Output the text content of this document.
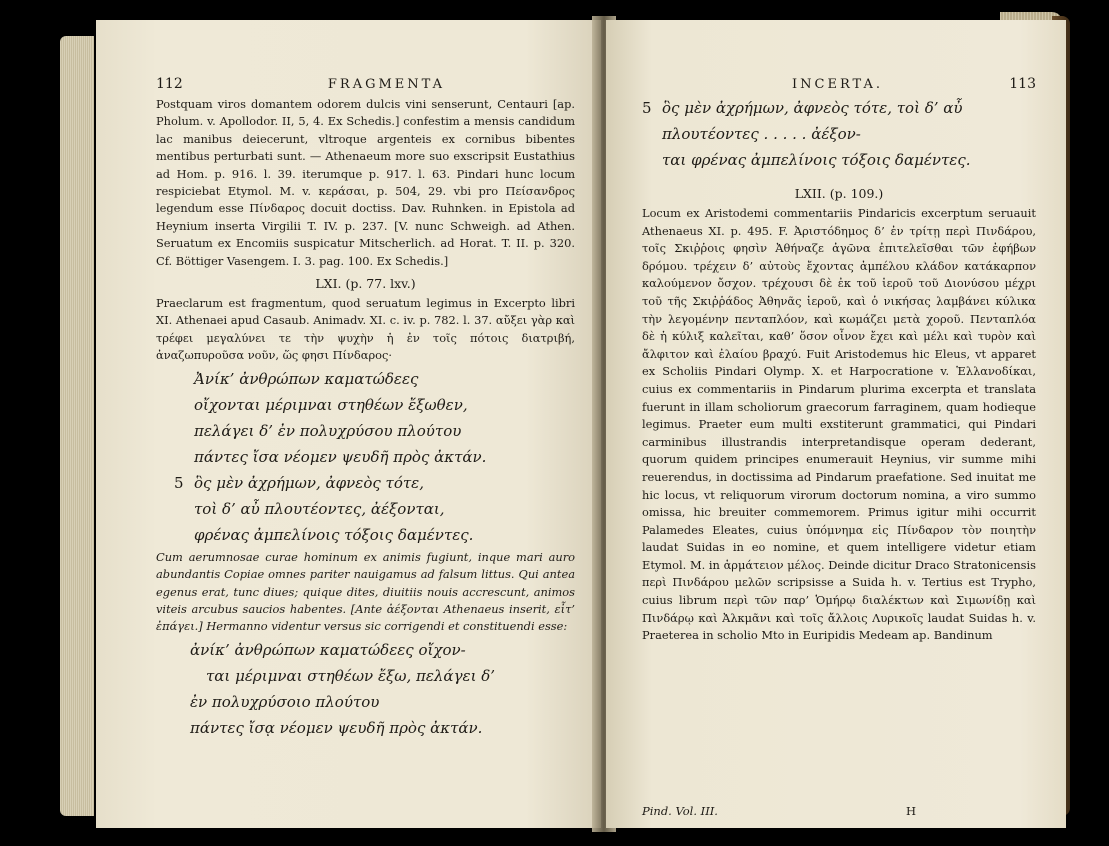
112	FRAGMENTA

Postquam viros domantem odorem dulcis vini senserunt, Centauri [ap. Pholum. v. Apollodor. II, 5, 4. Ex Schedis.] confestim a mensis candidum lac manibus deiecerunt, vltroque argenteis ex cornibus bibentes mentibus perturbati sunt. — Athenaeum more suo exscripsit Eustathius ad Hom. p. 916. l. 39. iterumque p. 917. l. 63. Pindari hunc locum respiciebat Etymol. M. v. κεράσαι, p. 504, 29. vbi pro Πείσανδρος legendum esse Πίνδαρος docuit doctiss. Dav. Ruhnken. in Epistola ad Heynium inserta Virgilii T. IV. p. 237. [V. nunc Schweigh. ad Athen. Seruatum ex Encomiis suspicatur Mitscherlich. ad Horat. T. II. p. 320. Cf. Böttiger Vasengem. I. 3. pag. 100. Ex Schedis.]

LXI. (p. 77. lxv.)

Praeclarum est fragmentum, quod seruatum legimus in Excerpto libri XI. Athenaei apud Casaub. Animadv. XI. c. iv. p. 782. l. 37. αὔξει γὰρ καὶ τρέφει μεγαλύνει τε τὴν ψυχὴν ἡ ἐν τοῖς πότοις διατριβή, ἀναζωπυροῦσα νοῦν, ὥς φησι Πίνδαρος·

Ἀνίκ’ ἀνθρώπων καματώδεες
οἴχονται μέριμναι στηθέων ἔξωθεν,
πελάγει δ’ ἐν πολυχρύσου πλούτου
πάντες ἴσα νέομεν ψευδῆ πρὸς ἀκτάν.
5 ὃς μὲν ἀχρήμων, ἀφνεὸς τότε,
τοὶ δ’ αὖ πλουτέοντες, ἀέξονται,
φρένας ἀμπελίνοις τόξοις δαμέντες.

Cum aerumnosae curae hominum ex animis fugiunt, inque mari auro abundantis Copiae omnes pariter nauigamus ad falsum littus. Qui antea egenus erat, tunc diues; quique dites, diuitiis nouis accrescunt, animos viteis arcubus saucios habentes. [Ante ἀέξονται Athenaeus inserit, εἶτ’ ἐπάγει.] Hermanno videntur versus sic corrigendi et constituendi esse:

ἀνίκ’ ἀνθρώπων καματώδεες οἴχον-
ται μέριμναι στηθέων ἔξω, πελάγει δ’
ἐν πολυχρύσοιο πλούτου
πάντες ἴσᾳ νέομεν ψευδῆ πρὸς ἀκτάν.
INCERTA.	113
5 ὃς μὲν ἀχρήμων, ἀφνεὸς τότε, τοὶ δ’ αὖ
πλουτέοντες . . . . . ἀέξον-
ται φρένας ἀμπελίνοις τόξοις δαμέντες.
LXII. (p. 109.)

Locum ex Aristodemi commentariis Pindaricis excerptum seruauit Athenaeus XI. p. 495. F. Ἀριστόδημος δ’ ἐν τρίτῃ περὶ Πινδάρου, τοῖς Σκιῤῥοις φησὶν Ἀθήναζε ἀγῶνα ἐπιτελεῖσθαι τῶν ἐφήβων δρόμου. τρέχειν δ’ αὐτοὺς ἔχοντας ἀμπέλου κλάδον κατάκαρπον καλούμενον ὄσχον. τρέχουσι δὲ ἐκ τοῦ ἱεροῦ τοῦ Διονύσου μέχρι τοῦ τῆς Σκιῤῥάδος Ἀθηνᾶς ἱεροῦ, καὶ ὁ νικήσας λαμβάνει κύλικα τὴν λεγομένην πενταπλόον, καὶ κωμάζει μετὰ χοροῦ. Πενταπλόα δὲ ἡ κύλιξ καλεῖται, καθ’ ὅσον οἶνον ἔχει καὶ μέλι καὶ τυρὸν καὶ ἄλφιτον καὶ ἐλαίου βραχύ. Fuit Aristodemus hic Eleus, vt apparet ex Scholiis Pindari Olymp. X. et Harpocratione v. Ἑλλανοδίκαι, cuius ex commentariis in Pindarum plurima excerpta et translata fuerunt in illam scholiorum graecorum farraginem, quam hodieque legimus. Praeter eum multi exstiterunt grammatici, qui Pindari carminibus illustrandis interpretandisque operam dederant, quorum quidem principes enumerauit Heynius, vir summe mihi reuerendus, in doctissima ad Pindarum praefatione. Sed inuitat me hic locus, vt reliquorum virorum doctorum nomina, a viro summo omissa, hic breuiter commemorem. Primus igitur mihi occurrit Palamedes Eleates, cuius ὑπόμνημα εἰς Πίνδαρον τὸν ποιητὴν laudat Suidas in eo nomine, et quem intelligere videtur etiam Etymol. M. in ἁρμάτειον μέλος. Deinde dicitur Draco Stratonicensis περὶ Πινδάρου μελῶν scripsisse a Suida h. v. Tertius est Trypho, cuius librum περὶ τῶν παρ’ Ὁμήρῳ διαλέκτων καὶ Σιμωνίδῃ καὶ Πινδάρῳ καὶ Ἀλκμᾶνι καὶ τοῖς ἄλλοις Λυρικοῖς laudat Suidas h. v. Praeterea in scholio Mto in Euripidis Medeam ap. Bandinum

Pind. Vol. III.	H
